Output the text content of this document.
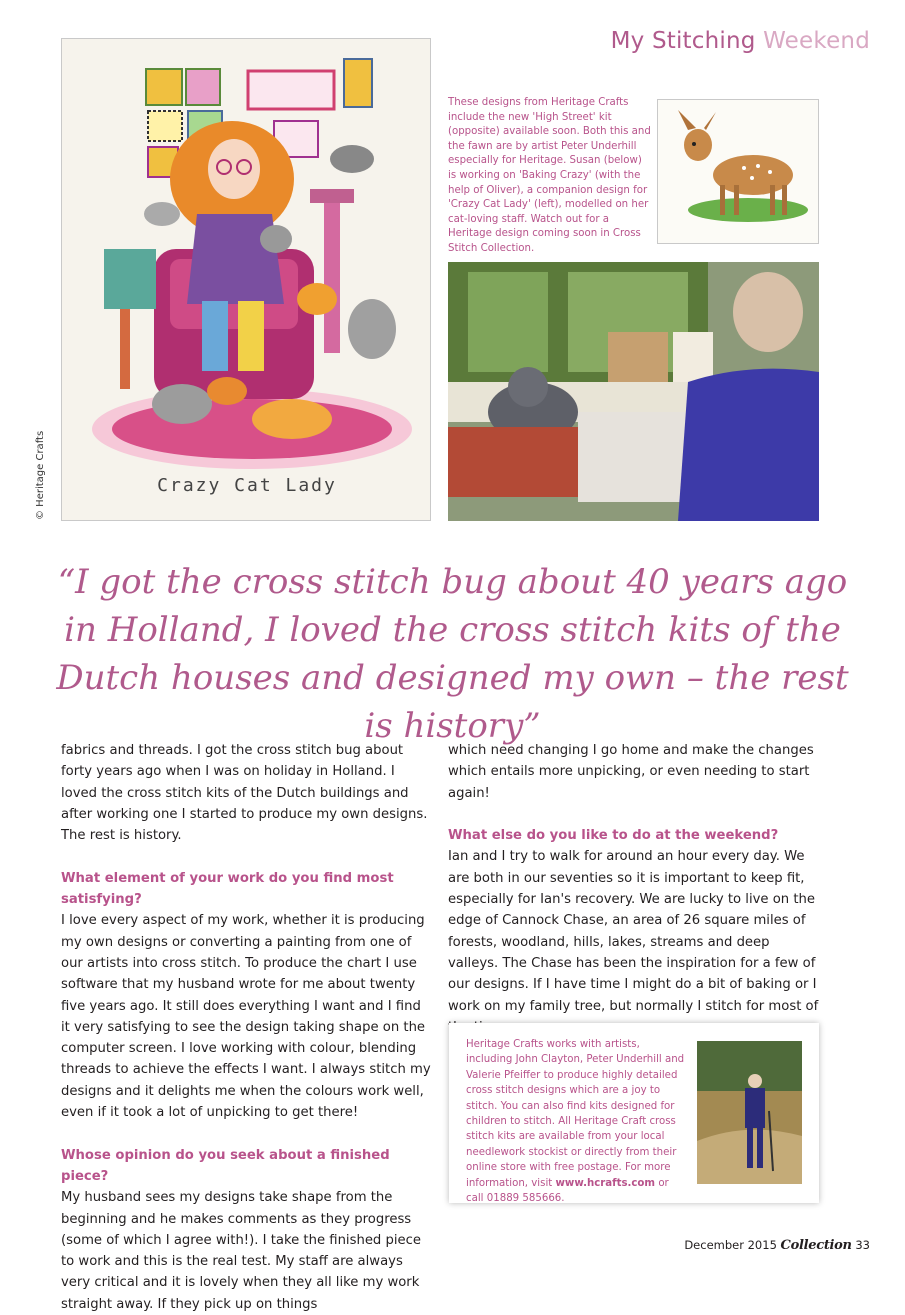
My Stitching Weekend
Crazy Cat Lady
© Heritage Crafts
These designs from Heritage Crafts include the new 'High Street' kit (opposite) available soon. Both this and the fawn are by artist Peter Underhill especially for Heritage. Susan (below) is working on 'Baking Crazy' (with the help of Oliver), a companion design for 'Crazy Cat Lady' (left), modelled on her cat-loving staff. Watch out for a Heritage design coming soon in Cross Stitch Collection.
“I got the cross stitch bug about 40 years ago in Holland, I loved the cross stitch kits of the Dutch houses and designed my own – the rest is history”

fabrics and threads. I got the cross stitch bug about forty years ago when I was on holiday in Holland. I loved the cross stitch kits of the Dutch buildings and after working one I started to produce my own designs. The rest is history.

What element of your work do you find most satisfying?

I love every aspect of my work, whether it is producing my own designs or converting a painting from one of our artists into cross stitch. To produce the chart I use software that my husband wrote for me about twenty five years ago. It still does everything I want and I find it very satisfying to see the design taking shape on the computer screen. I love working with colour, blending threads to achieve the effects I want. I always stitch my designs and it delights me when the colours work well, even if it took a lot of unpicking to get there!

Whose opinion do you seek about a finished piece?

My husband sees my designs take shape from the beginning and he makes comments as they progress (some of which I agree with!). I take the finished piece to work and this is the real test. My staff are always very critical and it is lovely when they all like my work straight away. If they pick up on things

which need changing I go home and make the changes which entails more unpicking, or even needing to start again!

What else do you like to do at the weekend?

Ian and I try to walk for around an hour every day. We are both in our seventies so it is important to keep fit, especially for Ian's recovery. We are lucky to live on the edge of Cannock Chase, an area of 26 square miles of forests, woodland, hills, lakes, streams and deep valleys. The Chase has been the inspiration for a few of our designs. If I have time I might do a bit of baking or I work on my family tree, but normally I stitch for most of

Heritage Crafts works with artists, including John Clayton, Peter Underhill and Valerie Pfeiffer to produce highly detailed cross stitch designs which are a joy to stitch. You can also find kits designed for children to stitch. All Heritage Craft cross stitch kits are available from your local needlework stockist or directly from their online store with free postage. For more information, visit www.hcrafts.com or call 01889 585666.
December 2015 Collection 33
